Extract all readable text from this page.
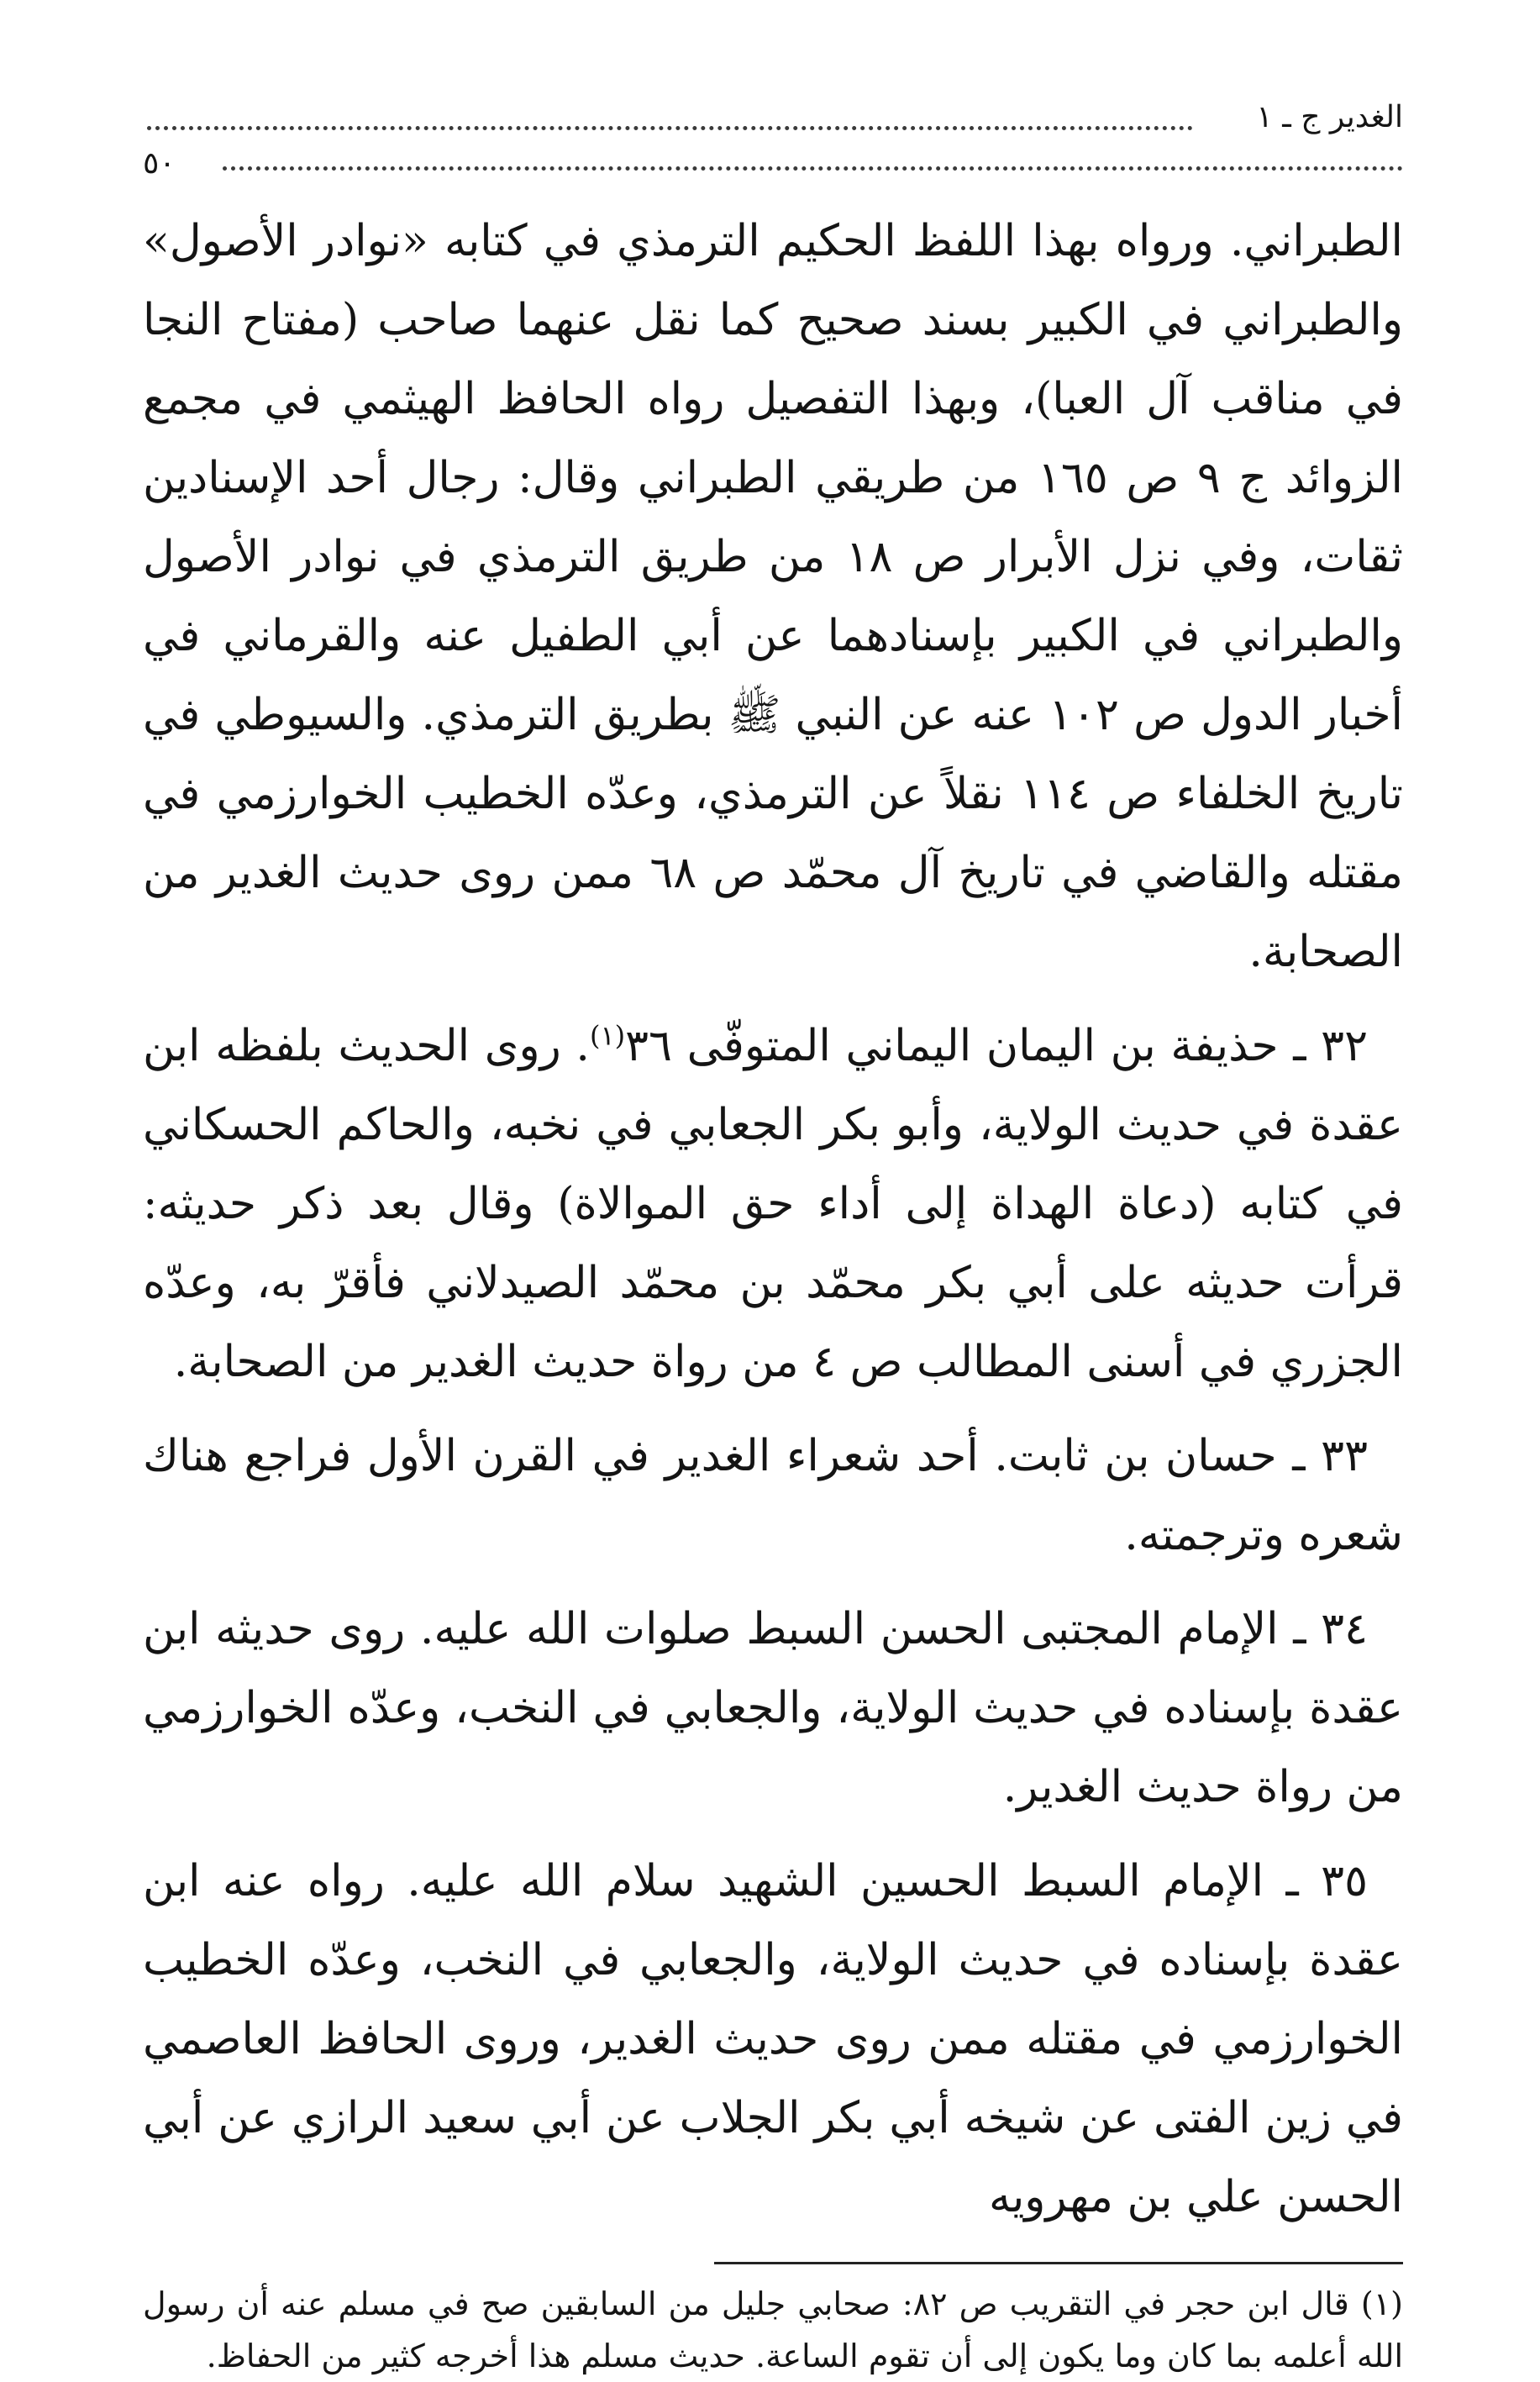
الغدير ج ـ ١
٥٠

الطبراني. ورواه بهذا اللفظ الحكيم الترمذي في كتابه «نوادر الأصول» والطبراني في الكبير بسند صحيح كما نقل عنهما صاحب (مفتاح النجا في مناقب آل العبا)، وبهذا التفصيل رواه الحافظ الهيثمي في مجمع الزوائد ج ٩ ص ١٦٥ من طريقي الطبراني وقال: رجال أحد الإسنادين ثقات، وفي نزل الأبرار ص ١٨ من طريق الترمذي في نوادر الأصول والطبراني في الكبير بإسنادهما عن أبي الطفيل عنه والقرماني في أخبار الدول ص ١٠٢ عنه عن النبي ﷺ بطريق الترمذي. والسيوطي في تاريخ الخلفاء ص ١١٤ نقلاً عن الترمذي، وعدّه الخطيب الخوارزمي في مقتله والقاضي في تاريخ آل محمّد ص ٦٨ ممن روى حديث الغدير من الصحابة.

٣٢ ـ حذيفة بن اليمان اليماني المتوفّى ٣٦$^{(١)}$. روى الحديث بلفظه ابن عقدة في حديث الولاية، وأبو بكر الجعابي في نخبه، والحاكم الحسكاني في كتابه (دعاة الهداة إلى أداء حق الموالاة) وقال بعد ذكر حديثه: قرأت حديثه على أبي بكر محمّد بن محمّد الصيدلاني فأقرّ به، وعدّه الجزري في أسنى المطالب ص ٤ من رواة حديث الغدير من الصحابة.

٣٣ ـ حسان بن ثابت. أحد شعراء الغدير في القرن الأول فراجع هناك شعره وترجمته.

٣٤ ـ الإمام المجتبى الحسن السبط صلوات الله عليه. روى حديثه ابن عقدة بإسناده في حديث الولاية، والجعابي في النخب، وعدّه الخوارزمي من رواة حديث الغدير.

٣٥ ـ الإمام السبط الحسين الشهيد سلام الله عليه. رواه عنه ابن عقدة بإسناده في حديث الولاية، والجعابي في النخب، وعدّه الخطيب الخوارزمي في مقتله ممن روى حديث الغدير، وروى الحافظ العاصمي في زين الفتى عن شيخه أبي بكر الجلاب عن أبي سعيد الرازي عن أبي الحسن علي بن مهرويه

(١) قال ابن حجر في التقريب ص ٨٢: صحابي جليل من السابقين صح في مسلم عنه أن رسول الله أعلمه بما كان وما يكون إلى أن تقوم الساعة. حديث مسلم هذا أخرجه كثير من الحفاظ.
